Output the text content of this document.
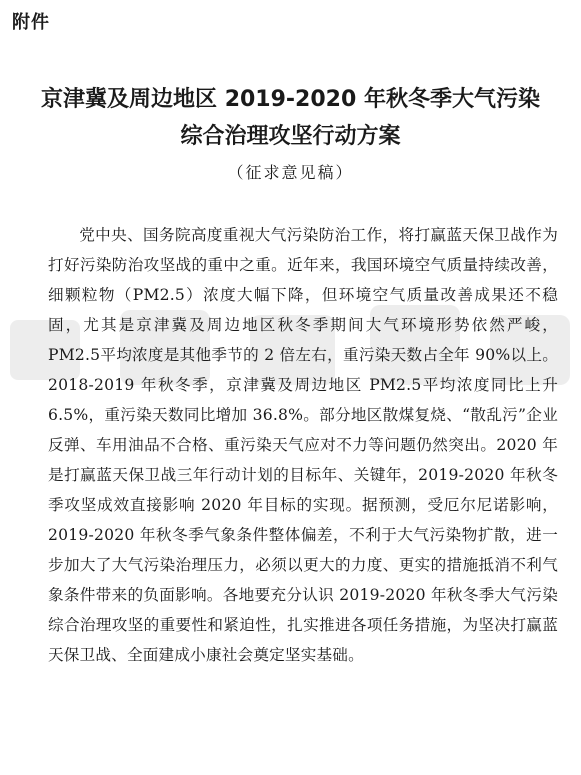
附件
京津冀及周边地区 2019-2020 年秋冬季大气污染
综合治理攻坚行动方案
（征求意见稿）
党中央、国务院高度重视大气污染防治工作，将打赢蓝天保卫战作为打好污染防治攻坚战的重中之重。近年来，我国环境空气质量持续改善，细颗粒物（PM2.5）浓度大幅下降，但环境空气质量改善成果还不稳固，尤其是京津冀及周边地区秋冬季期间大气环境形势依然严峻，PM2.5平均浓度是其他季节的 2 倍左右，重污染天数占全年 90%以上。2018-2019 年秋冬季，京津冀及周边地区 PM2.5平均浓度同比上升 6.5%，重污染天数同比增加 36.8%。部分地区散煤复烧、“散乱污”企业反弹、车用油品不合格、重污染天气应对不力等问题仍然突出。2020 年是打赢蓝天保卫战三年行动计划的目标年、关键年，2019-2020 年秋冬季攻坚成效直接影响 2020 年目标的实现。据预测，受厄尔尼诺影响，2019-2020 年秋冬季气象条件整体偏差，不利于大气污染物扩散，进一步加大了大气污染治理压力，必须以更大的力度、更实的措施抵消不利气象条件带来的负面影响。各地要充分认识 2019-2020 年秋冬季大气污染综合治理攻坚的重要性和紧迫性，扎实推进各项任务措施，为坚决打赢蓝天保卫战、全面建成小康社会奠定坚实基础。
